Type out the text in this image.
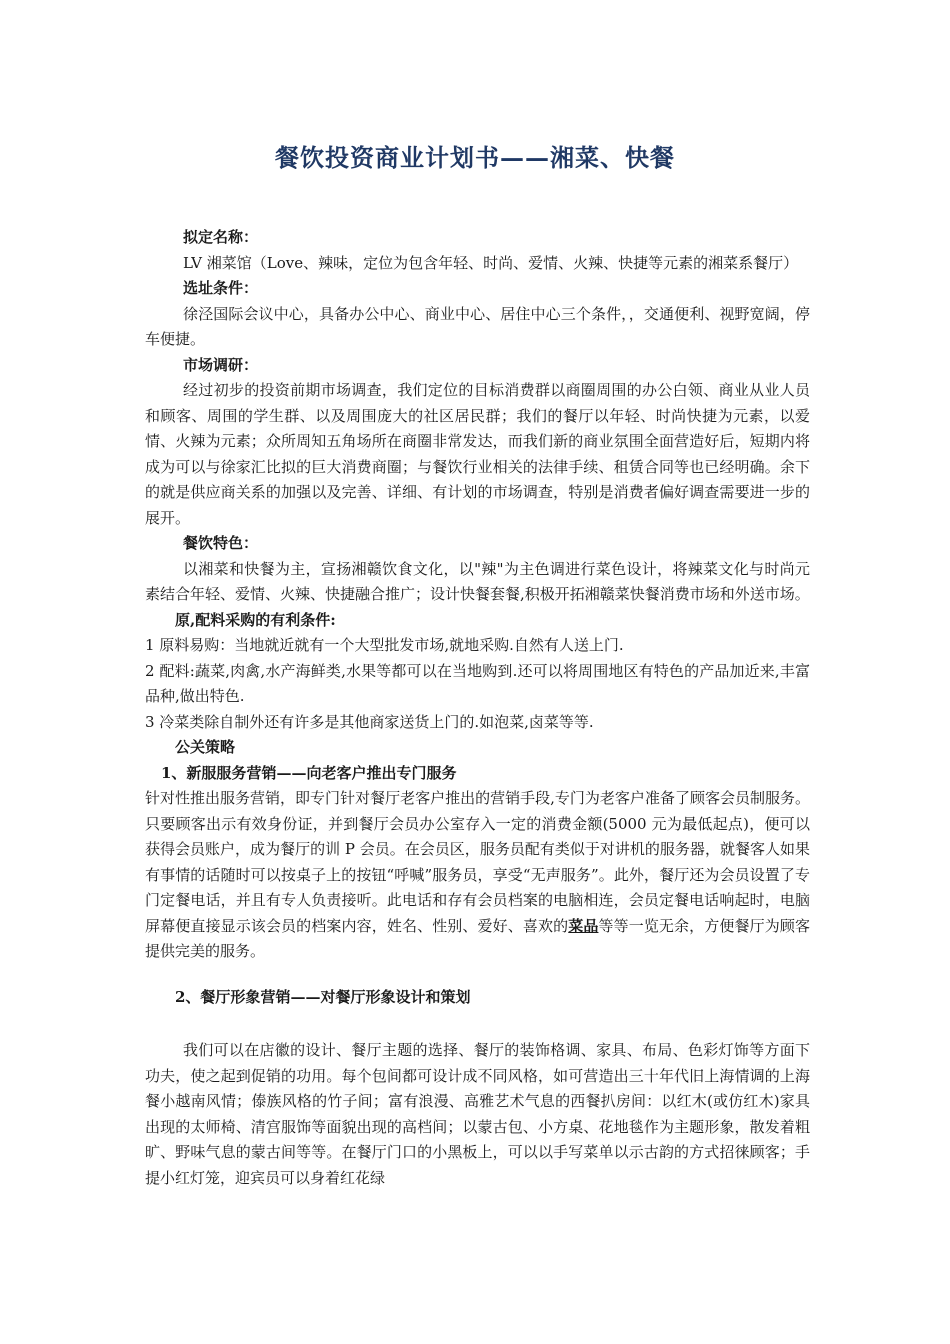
餐饮投资商业计划书——湘菜、快餐

拟定名称：

LV 湘菜馆（Love、辣味，定位为包含年轻、时尚、爱情、火辣、快捷等元素的湘菜系餐厅）

选址条件：

徐泾国际会议中心，具备办公中心、商业中心、居住中心三个条件，，交通便利、视野宽阔，停车便捷。

市场调研：

经过初步的投资前期市场调查，我们定位的目标消费群以商圈周围的办公白领、商业从业人员和顾客、周围的学生群、以及周围庞大的社区居民群；我们的餐厅以年轻、时尚快捷为元素，以爱情、火辣为元素；众所周知五角场所在商圈非常发达，而我们新的商业氛围全面营造好后，短期内将成为可以与徐家汇比拟的巨大消费商圈；与餐饮行业相关的法律手续、租赁合同等也已经明确。余下的就是供应商关系的加强以及完善、详细、有计划的市场调查，特别是消费者偏好调查需要进一步的展开。

餐饮特色：

以湘菜和快餐为主，宣扬湘赣饮食文化，以"辣"为主色调进行菜色设计，将辣菜文化与时尚元素结合年轻、爱情、火辣、快捷融合推广；设计快餐套餐,积极开拓湘赣菜快餐消费市场和外送市场。

原,配料采购的有利条件:

1 原料易购：当地就近就有一个大型批发市场,就地采购.自然有人送上门.

2 配料:蔬菜,肉禽,水产海鲜类,水果等都可以在当地购到.还可以将周围地区有特色的产品加近来,丰富品种,做出特色.

3 冷菜类除自制外还有许多是其他商家送货上门的.如泡菜,卤菜等等.

公关策略

1、新服服务营销——向老客户推出专门服务

针对性推出服务营销，即专门针对餐厅老客户推出的营销手段,专门为老客户准备了顾客会员制服务。只要顾客出示有效身份证，并到餐厅会员办公室存入一定的消费金额(5000 元为最低起点)，便可以获得会员账户，成为餐厅的训 P 会员。在会员区，服务员配有类似于对讲机的服务器，就餐客人如果有事情的话随时可以按桌子上的按钮“呼喊”服务员，享受“无声服务”。此外，餐厅还为会员设置了专门定餐电话，并且有专人负责接听。此电话和存有会员档案的电脑相连，会员定餐电话响起时，电脑屏幕便直接显示该会员的档案内容，姓名、性别、爱好、喜欢的菜品等等一览无余，方便餐厅为顾客提供完美的服务。

2、餐厅形象营销——对餐厅形象设计和策划

我们可以在店徽的设计、餐厅主题的选择、餐厅的装饰格调、家具、布局、色彩灯饰等方面下功夫，使之起到促销的功用。每个包间都可设计成不同风格，如可营造出三十年代旧上海情调的上海餐小越南风情；傣族风格的竹子间；富有浪漫、高雅艺术气息的西餐扒房间：以红木(或仿红木)家具出现的太师椅、清宫服饰等面貌出现的高档间；以蒙古包、小方桌、花地毯作为主题形象，散发着粗旷、野味气息的蒙古间等等。在餐厅门口的小黑板上，可以以手写菜单以示古韵的方式招徕顾客；手提小红灯笼，迎宾员可以身着红花绿
